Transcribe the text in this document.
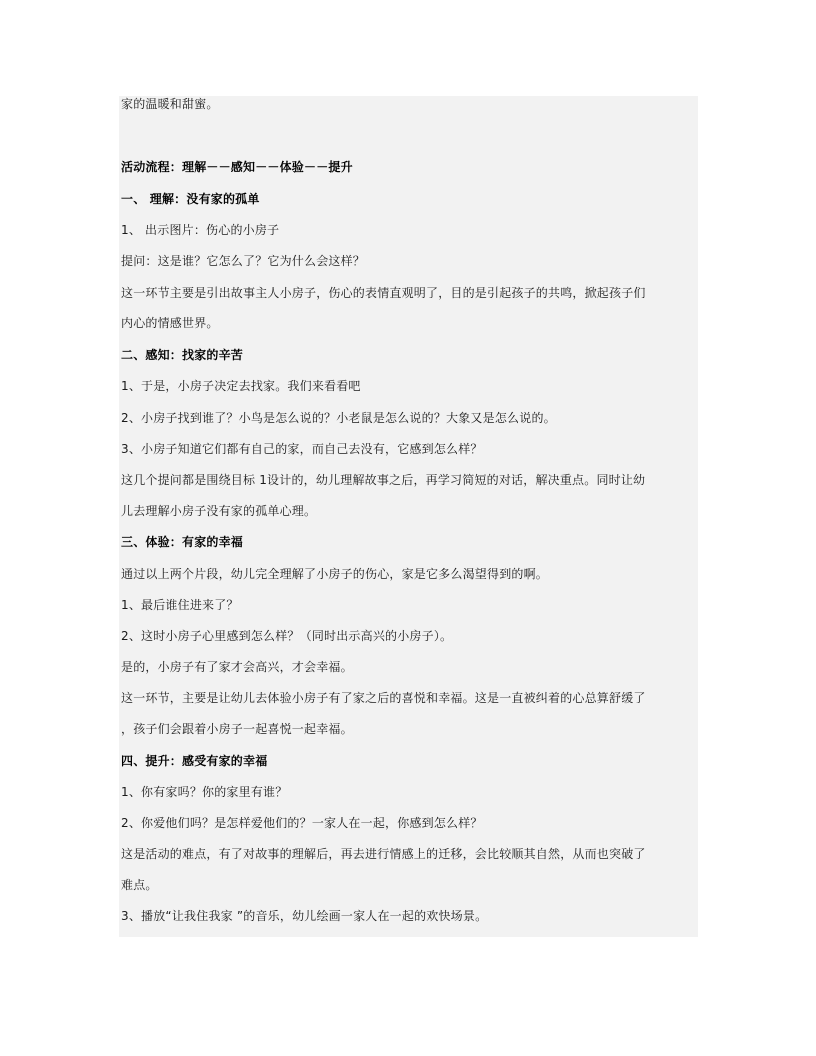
家的温暖和甜蜜。
活动流程：理解－－感知－－体验－－提升
一、 理解：没有家的孤单
1、 出示图片：伤心的小房子
提问：这是谁？它怎么了？它为什么会这样？
这一环节主要是引出故事主人小房子，伤心的表情直观明了，目的是引起孩子的共鸣，掀起孩子们
内心的情感世界。
二、感知：找家的辛苦
1、于是，小房子决定去找家。我们来看看吧
2、小房子找到谁了？小鸟是怎么说的？小老鼠是怎么说的？大象又是怎么说的。
3、小房子知道它们都有自己的家，而自己去没有，它感到怎么样？
这几个提问都是围绕目标 1设计的，幼儿理解故事之后，再学习简短的对话，解决重点。同时让幼
儿去理解小房子没有家的孤单心理。
三、体验：有家的幸福
通过以上两个片段，幼儿完全理解了小房子的伤心，家是它多么渴望得到的啊。
1、最后谁住进来了？
2、这时小房子心里感到怎么样？（同时出示高兴的小房子）。
是的，小房子有了家才会高兴，才会幸福。
这一环节，主要是让幼儿去体验小房子有了家之后的喜悦和幸福。这是一直被纠着的心总算舒缓了
，孩子们会跟着小房子一起喜悦一起幸福。
四、提升：感受有家的幸福
1、你有家吗？你的家里有谁？
2、你爱他们吗？是怎样爱他们的？一家人在一起，你感到怎么样？
这是活动的难点，有了对故事的理解后，再去进行情感上的迁移，会比较顺其自然，从而也突破了
难点。
3、播放“让我住我家 ”的音乐，幼儿绘画一家人在一起的欢快场景。
